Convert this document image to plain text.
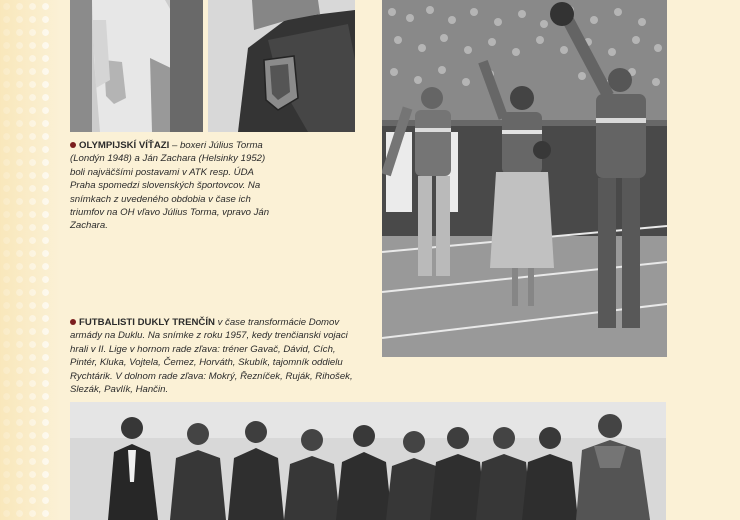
OLYMPIJSKÍ VÍŤAZI – boxeri Július Torma (Londýn 1948) a Ján Zachara (Helsinky 1952) boli najväčšími postavami v ATK resp. ÚDA Praha spomedzi slovenských športovcov. Na snímkach z uvedeného obdobia v čase ich triumfov na OH vľavo Július Torma, vpravo Ján Zachara.

FUTBALISTI DUKLY TRENČÍN v čase transformácie Domov armády na Duklu. Na snímke z roku 1957, kedy trenčianski vojaci hrali v II. Lige v hornom rade zľava: tréner Gavač, Dávid, Cích, Pintér, Kluka, Vojtela, Čemez, Horváth, Skubík, tajomník oddielu Rychtárik. V dolnom rade zľava: Mokrý, Řezníček, Ruják, Rihošek, Slezák, Pavlík, Hančin.
